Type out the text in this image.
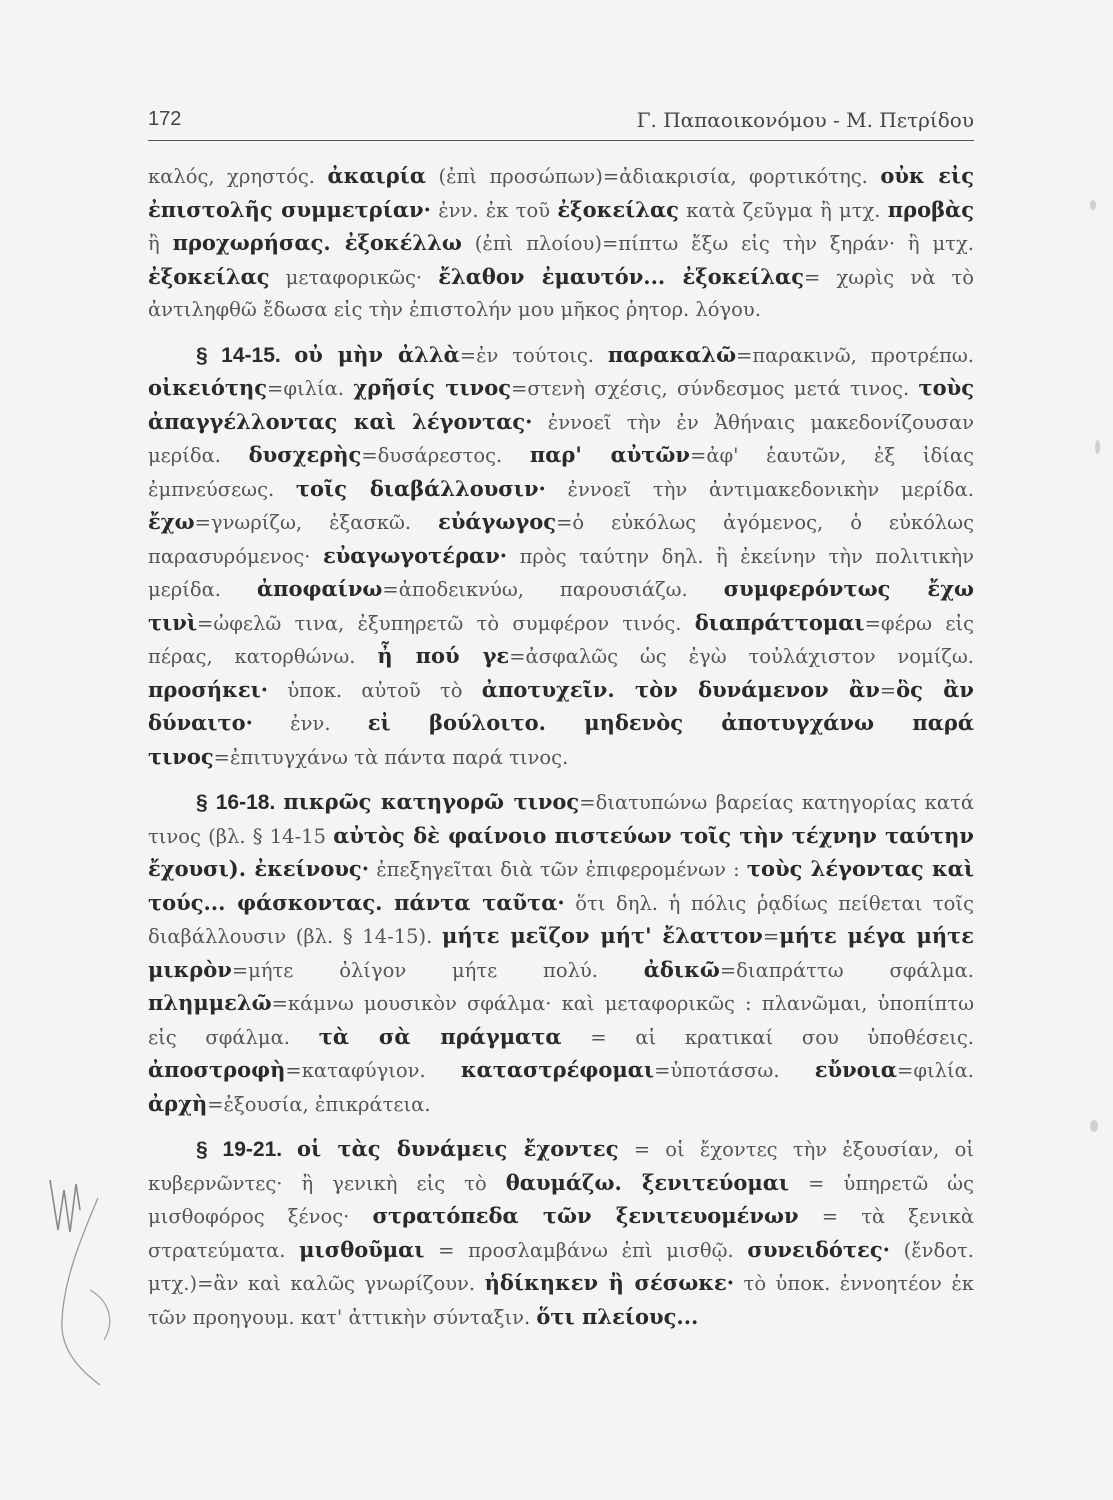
172	Γ. Παπαοικονόμου - Μ. Πετρίδου

καλός, χρηστός. ἀκαιρία (ἐπὶ προσώπων)=ἀδιακρισία, φορτικότης. οὐκ εἰς ἐπιστολῆς συμμετρίαν· ἐνν. ἐκ τοῦ ἐξοκείλας κατὰ ζεῦγμα ἢ μτχ. προβὰς ἢ προχωρήσας. ἐξοκέλλω (ἐπὶ πλοίου)=πίπτω ἔξω εἰς τὴν ξηράν· ἢ μτχ. ἐξοκείλας μεταφορικῶς· ἔλαθον ἐμαυτόν... ἐξοκείλας= χωρὶς νὰ τὸ ἀντιληφθῶ ἔδωσα εἰς τὴν ἐπιστολήν μου μῆκος ῥητορ. λόγου.

§ 14-15. οὐ μὴν ἀλλὰ=ἐν τούτοις. παρακαλῶ=παρακινῶ, προτρέπω. οἰκειότης=φιλία. χρῆσίς τινος=στενὴ σχέσις, σύνδεσμος μετά τινος. τοὺς ἀπαγγέλλοντας καὶ λέγοντας· ἐννοεῖ τὴν ἐν Ἀθήναις μακεδονίζουσαν μερίδα. δυσχερὴς=δυσάρεστος. παρ' αὐτῶν=ἀφ' ἑαυτῶν, ἐξ ἰδίας ἐμπνεύσεως. τοῖς διαβάλλουσιν· ἐννοεῖ τὴν ἀντιμακεδονικὴν μερίδα. ἔχω=γνωρίζω, ἐξασκῶ. εὐάγωγος=ὁ εὐκόλως ἀγόμενος, ὁ εὐκόλως παρασυρόμενος· εὐαγωγοτέραν· πρὸς ταύτην δηλ. ἢ ἐκείνην τὴν πολιτικὴν μερίδα. ἀποφαίνω=ἀποδεικνύω, παρουσιάζω. συμφερόντως ἔχω τινὶ=ὠφελῶ τινα, ἐξυπηρετῶ τὸ συμφέρον τινός. διαπράττομαι=φέρω εἰς πέρας, κατορθώνω. ἦ πού γε=ἀσφαλῶς ὡς ἐγὼ τοὐλάχιστον νομίζω. προσήκει· ὑποκ. αὐτοῦ τὸ ἀποτυχεῖν. τὸν δυνάμενον ἂν=ὃς ἂν δύναιτο· ἐνν. εἰ βούλοιτο. μηδενὸς ἀποτυγχάνω παρά τινος=ἐπιτυγχάνω τὰ πάντα παρά τινος.

§ 16-18. πικρῶς κατηγορῶ τινος=διατυπώνω βαρείας κατηγορίας κατά τινος (βλ. § 14-15 αὐτὸς δὲ φαίνοιο πιστεύων τοῖς τὴν τέχνην ταύτην ἔχουσι). ἐκείνους· ἐπεξηγεῖται διὰ τῶν ἐπιφερομένων : τοὺς λέγοντας καὶ τούς... φάσκοντας. πάντα ταῦτα· ὅτι δηλ. ἡ πόλις ῥᾳδίως πείθεται τοῖς διαβάλλουσιν (βλ. § 14-15). μήτε μεῖζον μήτ' ἔλαττον=μήτε μέγα μήτε μικρὸν=μήτε ὀλίγον μήτε πολύ. ἀδικῶ=διαπράττω σφάλμα. πλημμελῶ=κάμνω μουσικὸν σφάλμα· καὶ μεταφορικῶς : πλανῶμαι, ὑποπίπτω εἰς σφάλμα. τὰ σὰ πράγματα = αἱ κρατικαί σου ὑποθέσεις. ἀποστροφὴ=καταφύγιον. καταστρέφομαι=ὑποτάσσω. εὔνοια=φιλία. ἀρχὴ=ἐξουσία, ἐπικράτεια.

§ 19-21. οἱ τὰς δυνάμεις ἔχοντες = οἱ ἔχοντες τὴν ἐξουσίαν, οἱ κυβερνῶντες· ἢ γενικὴ εἰς τὸ θαυμάζω. ξενιτεύομαι = ὑπηρετῶ ὡς μισθοφόρος ξένος· στρατόπεδα τῶν ξενιτευομένων = τὰ ξενικὰ στρατεύματα. μισθοῦμαι = προσλαμβάνω ἐπὶ μισθῷ. συνειδότες· (ἔνδοτ. μτχ.)=ἂν καὶ καλῶς γνωρίζουν. ἠδίκηκεν ἢ σέσωκε· τὸ ὑποκ. ἐννοητέον ἐκ τῶν προηγουμ. κατ' ἀττικὴν σύνταξιν. ὅτι πλείους...
